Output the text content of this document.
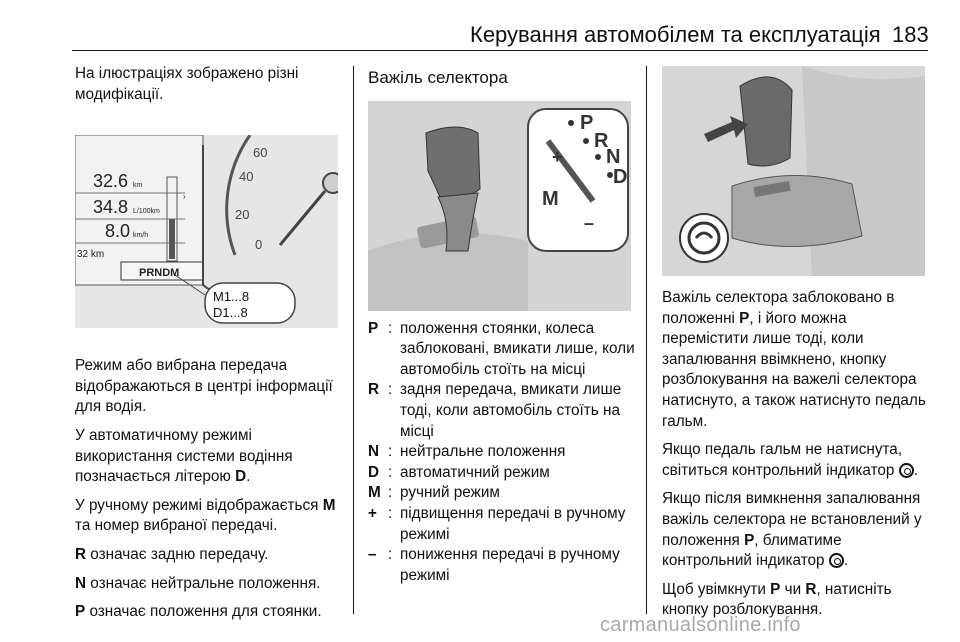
Керування автомобілем та експлуатація 183

На ілюстраціях зображено різні модифікації.

›
32.6 km
34.8 L/100km
8.0 km/h
32 km
PRNDM
60
40
20
0
M1...8
D1...8

Режим або вибрана передача відображаються в центрі інформації для водія.

У автоматичному режимі використання системи водіння позначається літерою D.

У ручному режимі відображається M та номер вибраної передачі.

R означає задню передачу.

N означає нейтральне положення.

P означає положення для стоянки.

Важіль селектора
P
R
N
D
M
+
–
P : положення стоянки, колеса заблоковані, вмикати лише, коли автомобіль стоїть на місці
R : задня передача, вмикати лише тоді, коли автомобіль стоїть на місці
N : нейтральне положення
D : автоматичний режим
M : ручний режим
+ : підвищення передачі в ручному режимі
– : пониження передачі в ручному режимі

Важіль селектора заблоковано в положенні P, і його можна перемістити лише тоді, коли запалювання ввімкнено, кнопку розблокування на важелі селектора натиснуто, а також натиснуто педаль гальм.

Якщо педаль гальм не натиснута, світиться контрольний індикатор .

Якщо після вимкнення запалювання важіль селектора не встановлений у положення P, блиматиме контрольний індикатор .

Щоб увімкнути P чи R, натисніть кнопку розблокування.

carmanualsonline.info
